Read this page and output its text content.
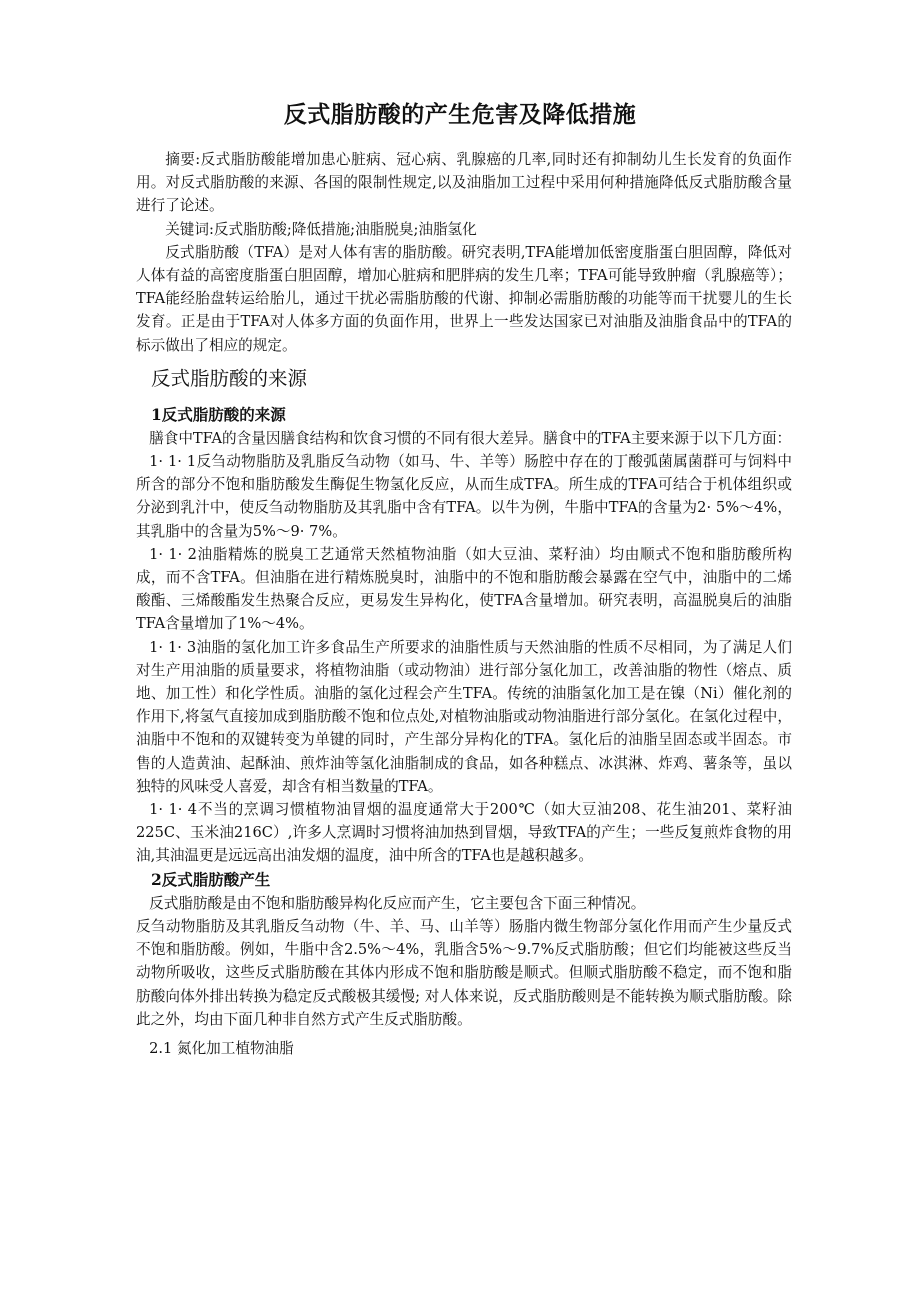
反式脂肪酸的产生危害及降低措施

摘要:反式脂肪酸能增加患心脏病、冠心病、乳腺癌的几率,同时还有抑制幼儿生长发育的负面作用。对反式脂肪酸的来源、各国的限制性规定,以及油脂加工过程中采用何种措施降低反式脂肪酸含量进行了论述。

关键词:反式脂肪酸;降低措施;油脂脱臭;油脂氢化

反式脂肪酸（TFA）是对人体有害的脂肪酸。研究表明,TFA能增加低密度脂蛋白胆固醇，降低对人体有益的高密度脂蛋白胆固醇，增加心脏病和肥胖病的发生几率；TFA可能导致肿瘤（乳腺癌等）；TFA能经胎盘转运给胎儿，通过干扰必需脂肪酸的代谢、抑制必需脂肪酸的功能等而干扰婴儿的生长发育。正是由于TFA对人体多方面的负面作用，世界上一些发达国家已对油脂及油脂食品中的TFA的标示做出了相应的规定。

反式脂肪酸的来源
1反式脂肪酸的来源

膳食中TFA的含量因膳食结构和饮食习惯的不同有很大差异。膳食中的TFA主要来源于以下几方面：

1· 1· 1反刍动物脂肪及乳脂反刍动物（如马、牛、羊等）肠腔中存在的丁酸弧菌属菌群可与饲料中所含的部分不饱和脂肪酸发生酶促生物氢化反应，从而生成TFA。所生成的TFA可结合于机体组织或分泌到乳汁中，使反刍动物脂肪及其乳脂中含有TFA。以牛为例，牛脂中TFA的含量为2· 5%〜4%，其乳脂中的含量为5%〜9· 7%。

1· 1· 2油脂精炼的脱臭工艺通常天然植物油脂（如大豆油、菜籽油）均由顺式不饱和脂肪酸所构成，而不含TFA。但油脂在进行精炼脱臭时，油脂中的不饱和脂肪酸会暴露在空气中，油脂中的二烯酸酯、三烯酸酯发生热聚合反应，更易发生异构化，使TFA含量增加。研究表明，高温脱臭后的油脂TFA含量增加了1%〜4%。

1· 1· 3油脂的氢化加工许多食品生产所要求的油脂性质与天然油脂的性质不尽相同，为了满足人们对生产用油脂的质量要求，将植物油脂（或动物油）进行部分氢化加工，改善油脂的物性（熔点、质地、加工性）和化学性质。油脂的氢化过程会产生TFA。传统的油脂氢化加工是在镍（Ni）催化剂的作用下,将氢气直接加成到脂肪酸不饱和位点处,对植物油脂或动物油脂进行部分氢化。在氢化过程中，油脂中不饱和的双键转变为单键的同时，产生部分异构化的TFA。氢化后的油脂呈固态或半固态。市售的人造黄油、起酥油、煎炸油等氢化油脂制成的食品，如各种糕点、冰淇淋、炸鸡、薯条等，虽以独特的风味受人喜爱，却含有相当数量的TFA。

1· 1· 4不当的烹调习惯植物油冒烟的温度通常大于200℃（如大豆油208、花生油201、菜籽油225C、玉米油216C）,许多人烹调时习惯将油加热到冒烟，导致TFA的产生；一些反复煎炸食物的用油,其油温更是远远高出油发烟的温度，油中所含的TFA也是越积越多。

2反式脂肪酸产生

反式脂肪酸是由不饱和脂肪酸异构化反应而产生，它主要包含下面三种情况。

反刍动物脂肪及其乳脂反刍动物（牛、羊、马、山羊等）肠脂内微生物部分氢化作用而产生少量反式不饱和脂肪酸。例如，牛脂中含2.5%〜4%，乳脂含5%〜9.7%反式脂肪酸；但它们均能被这些反当动物所吸收，这些反式脂肪酸在其体内形成不饱和脂肪酸是顺式。但顺式脂肪酸不稳定，而不饱和脂肪酸向体外排出转换为稳定反式酸极其缓慢; 对人体来说，反式脂肪酸则是不能转换为顺式脂肪酸。除此之外，均由下面几种非自然方式产生反式脂肪酸。

2.1 氮化加工植物油脂
